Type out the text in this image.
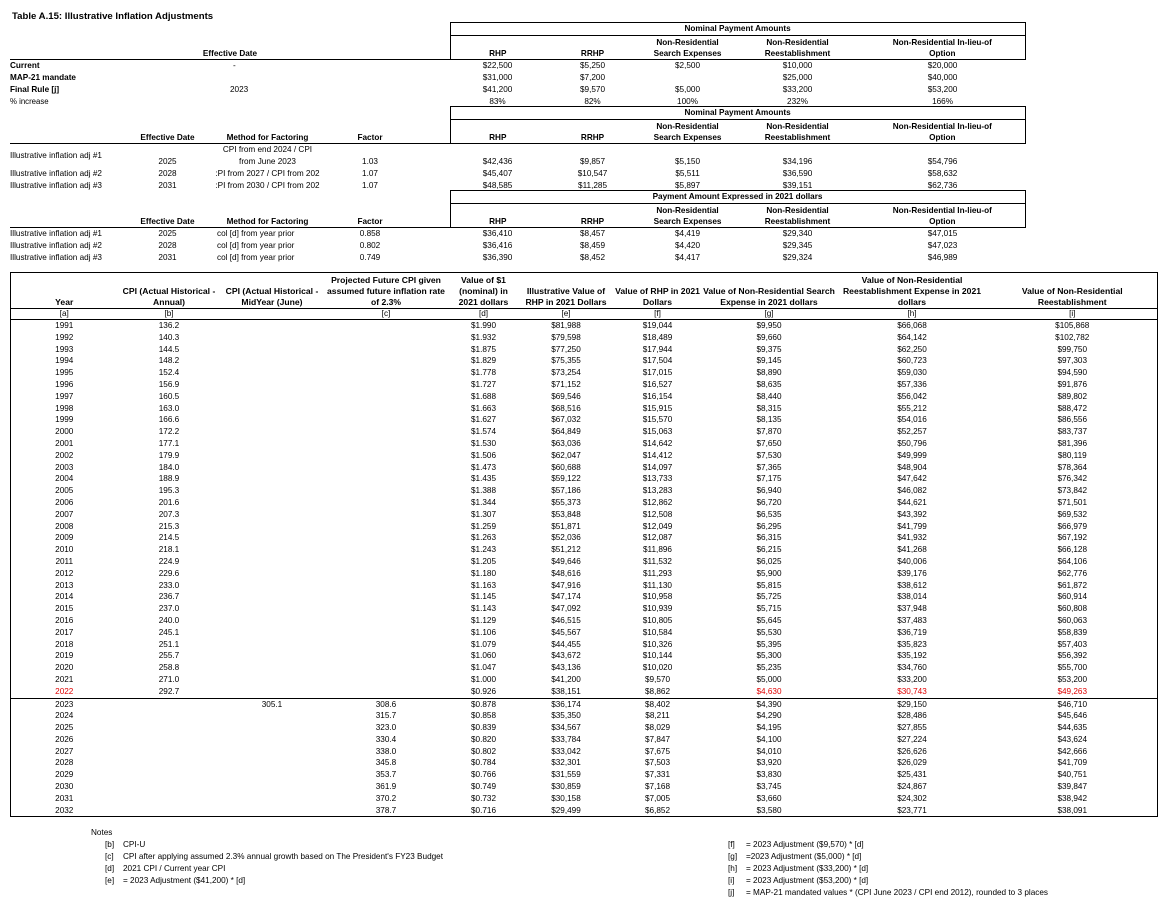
Table A.15: Illustrative Inflation Adjustments
				Nominal Payment Amounts				
						Non-Residential	Non-Residential	Non-Residential In-lieu-of
	Effective Date			RHP	RRHP	Search Expenses	Reestablishment	Option
Current		-		$22,500	$5,250	$2,500	$10,000	$20,000
MAP-21 mandate				$31,000	$7,200		$25,000	$40,000
Final Rule [j]		2023		$41,200	$9,570	$5,000	$33,200	$53,200
% increase				83%	82%	100%	232%	166%
					Nominal Payment Amounts				
							Non-Residential	Non-Residential	Non-Residential In-lieu-of
	Effective Date	Method for Factoring	Factor		RHP	RRHP	Search Expenses	Reestablishment	Option
Illustrative inflation adj #1		CPI from end 2024 / CPI							
	2025	from June 2023	1.03		$42,436	$9,857	$5,150	$34,196	$54,796
Illustrative inflation adj #2	2028	:PI from 2027 / CPI from 202	1.07		$45,407	$10,547	$5,511	$36,590	$58,632
Illustrative inflation adj #3	2031	:PI from 2030 / CPI from 202	1.07		$48,585	$11,285	$5,897	$39,151	$62,736
					Payment Amount Expressed in 2021 dollars				
							Non-Residential	Non-Residential	Non-Residential In-lieu-of
	Effective Date	Method for Factoring	Factor		RHP	RRHP	Search Expenses	Reestablishment	Option
Illustrative inflation adj #1	2025	col [d] from year prior	0.858		$36,410	$8,457	$4,419	$29,340	$47,015
Illustrative inflation adj #2	2028	col [d] from year prior	0.802		$36,416	$8,459	$4,420	$29,345	$47,023
Illustrative inflation adj #3	2031	col [d] from year prior	0.749		$36,390	$8,452	$4,417	$29,324	$46,989
Year	CPI (Actual Historical - Annual)	CPI (Actual Historical - MidYear (June)	Projected Future CPI given assumed future inflation rate of 2.3%	Value of $1 (nominal) in 2021 dollars	Illustrative Value of RHP in 2021 Dollars	Value of RHP in 2021 Dollars	Value of Non-Residential Search Expense in 2021 dollars	Value of Non-Residential Reestablishment Expense in 2021 dollars	Value of Non-Residential Reestablishment
[a]	[b]		[c]	[d]	[e]	[f]	[g]	[h]	[i]
1991	136.2			$1.990	$81,988	$19,044	$9,950	$66,068	$105,868
1992	140.3			$1.932	$79,598	$18,489	$9,660	$64,142	$102,782
1993	144.5			$1.875	$77,250	$17,944	$9,375	$62,250	$99,750
1994	148.2			$1.829	$75,355	$17,504	$9,145	$60,723	$97,303
1995	152.4			$1.778	$73,254	$17,015	$8,890	$59,030	$94,590
1996	156.9			$1.727	$71,152	$16,527	$8,635	$57,336	$91,876
1997	160.5			$1.688	$69,546	$16,154	$8,440	$56,042	$89,802
1998	163.0			$1.663	$68,516	$15,915	$8,315	$55,212	$88,472
1999	166.6			$1.627	$67,032	$15,570	$8,135	$54,016	$86,556
2000	172.2			$1.574	$64,849	$15,063	$7,870	$52,257	$83,737
2001	177.1			$1.530	$63,036	$14,642	$7,650	$50,796	$81,396
2002	179.9			$1.506	$62,047	$14,412	$7,530	$49,999	$80,119
2003	184.0			$1.473	$60,688	$14,097	$7,365	$48,904	$78,364
2004	188.9			$1.435	$59,122	$13,733	$7,175	$47,642	$76,342
2005	195.3			$1.388	$57,186	$13,283	$6,940	$46,082	$73,842
2006	201.6			$1.344	$55,373	$12,862	$6,720	$44,621	$71,501
2007	207.3			$1.307	$53,848	$12,508	$6,535	$43,392	$69,532
2008	215.3			$1.259	$51,871	$12,049	$6,295	$41,799	$66,979
2009	214.5			$1.263	$52,036	$12,087	$6,315	$41,932	$67,192
2010	218.1			$1.243	$51,212	$11,896	$6,215	$41,268	$66,128
2011	224.9			$1.205	$49,646	$11,532	$6,025	$40,006	$64,106
2012	229.6			$1.180	$48,616	$11,293	$5,900	$39,176	$62,776
2013	233.0			$1.163	$47,916	$11,130	$5,815	$38,612	$61,872
2014	236.7			$1.145	$47,174	$10,958	$5,725	$38,014	$60,914
2015	237.0			$1.143	$47,092	$10,939	$5,715	$37,948	$60,808
2016	240.0			$1.129	$46,515	$10,805	$5,645	$37,483	$60,063
2017	245.1			$1.106	$45,567	$10,584	$5,530	$36,719	$58,839
2018	251.1			$1.079	$44,455	$10,326	$5,395	$35,823	$57,403
2019	255.7			$1.060	$43,672	$10,144	$5,300	$35,192	$56,392
2020	258.8			$1.047	$43,136	$10,020	$5,235	$34,760	$55,700
2021	271.0			$1.000	$41,200	$9,570	$5,000	$33,200	$53,200
2022	292.7			$0.926	$38,151	$8,862	$4,630	$30,743	$49,263
2023		305.1	308.6	$0.878	$36,174	$8,402	$4,390	$29,150	$46,710
2024			315.7	$0.858	$35,350	$8,211	$4,290	$28,486	$45,646
2025			323.0	$0.839	$34,567	$8,029	$4,195	$27,855	$44,635
2026			330.4	$0.820	$33,784	$7,847	$4,100	$27,224	$43,624
2027			338.0	$0.802	$33,042	$7,675	$4,010	$26,626	$42,666
2028			345.8	$0.784	$32,301	$7,503	$3,920	$26,029	$41,709
2029			353.7	$0.766	$31,559	$7,331	$3,830	$25,431	$40,751
2030			361.9	$0.749	$30,859	$7,168	$3,745	$24,867	$39,847
2031			370.2	$0.732	$30,158	$7,005	$3,660	$24,302	$38,942
2032			378.7	$0.716	$29,499	$6,852	$3,580	$23,771	$38,091
Notes
[b] CPI-U
[c] CPI after applying assumed 2.3% annual growth based on The President's FY23 Budget
[d] 2021 CPI / Current year CPI
[e] = 2023 Adjustment ($41,200) * [d]
[f] = 2023 Adjustment ($9,570) * [d]
[g] =2023 Adjustment ($5,000) * [d]
[h] = 2023 Adjustment ($33,200) * [d]
[i] = 2023 Adjustment ($53,200) * [d]
[j] = MAP-21 mandated values * (CPI June 2023 / CPI end 2012), rounded to 3 places
